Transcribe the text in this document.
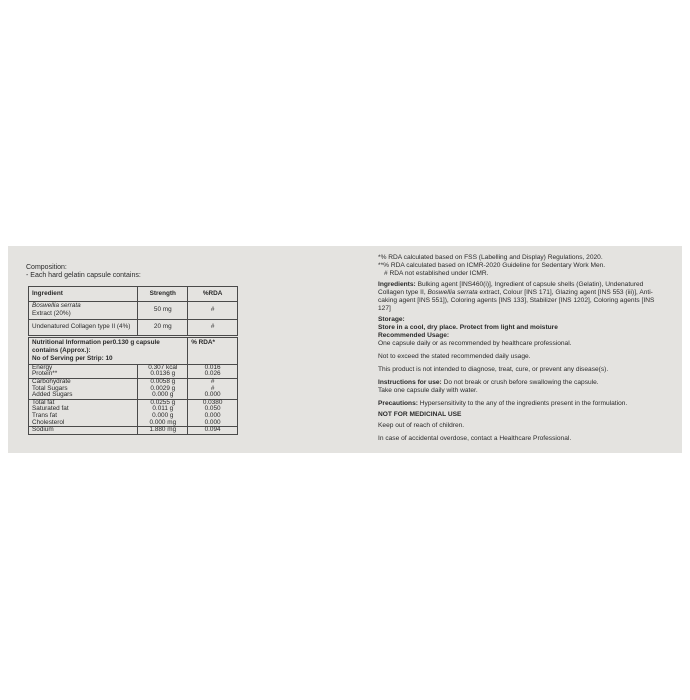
Composition:

- Each hard gelatin capsule contains:

Ingredient	Strength	%RDA
Boswellia serrata
Extract (20%)	50 mg	#
Undenatured Collagen type II (4%)	20 mg	#
Nutritional Information per0.130 g capsule contains (Approx.):
No of Serving per Strip: 10		% RDA*
Energy	0.307 kcal	0.016
Protein**	0.0136 g	0.026
Carbohydrate	0.0058 g	#
Total Sugars	0.0029 g	#
Added Sugars	0.000 g	0.000
Total fat	0.0255 g	0.0380
Saturated fat	0.011 g	0.050
Trans fat	0.000 g	0.000
Cholesterol	0.000 mg	0.000
Sodium	1.880 mg	0.094

*% RDA calculated based on FSS (Labelling and Display) Regulations, 2020.

**% RDA calculated based on ICMR-2020 Guideline for Sedentary Work Men.

# RDA not established under ICMR.

Ingredients: Bulking agent [INS460(i)], Ingredient of capsule shells (Gelatin), Undenatured Collagen type II, Boswellia serrata extract, Colour [INS 171], Glazing agent [INS 553 (iii)], Anti-caking agent [INS 551]), Coloring agents [INS 133], Stabilizer [INS 1202], Coloring agents [INS 127]

Storage:

Store in a cool, dry place. Protect from light and moisture

Recommended Usage:

One capsule daily or as recommended by healthcare professional.

Not to exceed the stated recommended daily usage.

This product is not intended to diagnose, treat, cure, or prevent any disease(s).

Instructions for use: Do not break or crush before swallowing the capsule.

Take one capsule daily with water.

Precautions: Hypersensitivity to the any of the ingredients present in the formulation.

NOT FOR MEDICINAL USE

Keep out of reach of children.

In case of accidental overdose, contact a Healthcare Professional.
